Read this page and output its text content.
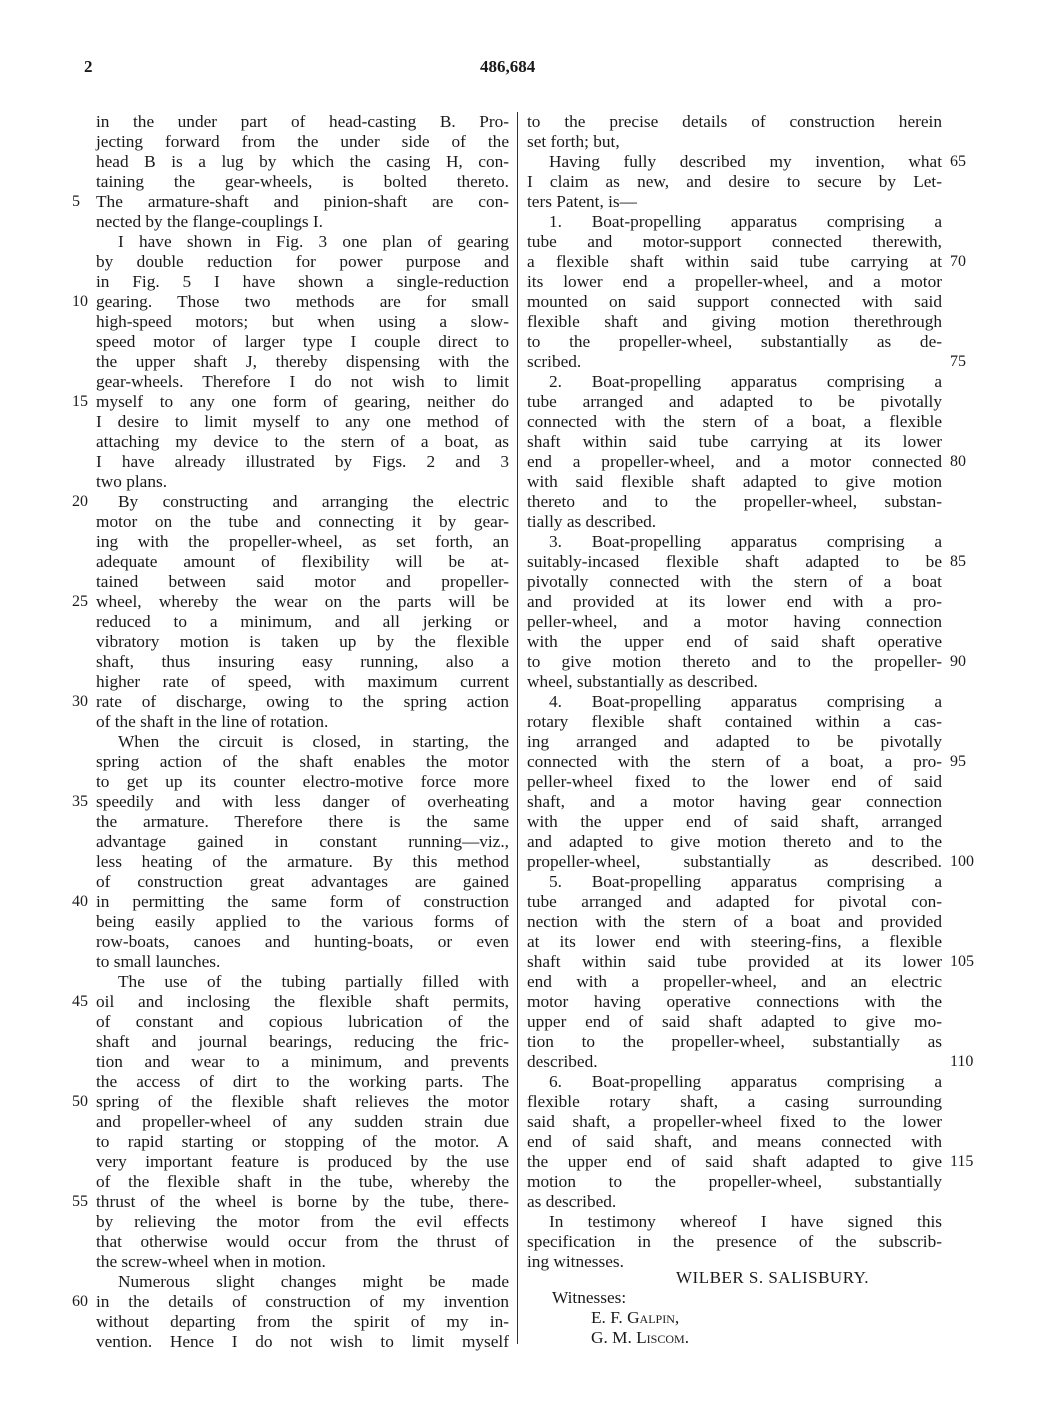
2	486,684
in the under part of head-casting B. Pro-
jecting forward from the under side of the
head B is a lug by which the casing H, con-
taining the gear-wheels, is bolted thereto.
The armature-shaft and pinion-shaft are con-
5
nected by the flange-couplings I.
I have shown in Fig. 3 one plan of gearing
by double reduction for power purpose and
in Fig. 5 I have shown a single-reduction
gearing. Those two methods are for small
10
high-speed motors; but when using a slow-
speed motor of larger type I couple direct to
the upper shaft J, thereby dispensing with the
gear-wheels. Therefore I do not wish to limit
myself to any one form of gearing, neither do
15
I desire to limit myself to any one method of
attaching my device to the stern of a boat, as
I have already illustrated by Figs. 2 and 3
two plans.
By constructing and arranging the electric
20
motor on the tube and connecting it by gear-
ing with the propeller-wheel, as set forth, an
adequate amount of flexibility will be at-
tained between said motor and propeller-
wheel, whereby the wear on the parts will be
25
reduced to a minimum, and all jerking or
vibratory motion is taken up by the flexible
shaft, thus insuring easy running, also a
higher rate of speed, with maximum current
rate of discharge, owing to the spring action
30
of the shaft in the line of rotation.
When the circuit is closed, in starting, the
spring action of the shaft enables the motor
to get up its counter electro-motive force more
speedily and with less danger of overheating
35
the armature. Therefore there is the same
advantage gained in constant running—viz.,
less heating of the armature. By this method
of construction great advantages are gained
in permitting the same form of construction
40
being easily applied to the various forms of
row-boats, canoes and hunting-boats, or even
to small launches.
The use of the tubing partially filled with
oil and inclosing the flexible shaft permits,
45
of constant and copious lubrication of the
shaft and journal bearings, reducing the fric-
tion and wear to a minimum, and prevents
the access of dirt to the working parts. The
spring of the flexible shaft relieves the motor
50
and propeller-wheel of any sudden strain due
to rapid starting or stopping of the motor. A
very important feature is produced by the use
of the flexible shaft in the tube, whereby the
thrust of the wheel is borne by the tube, there-
55
by relieving the motor from the evil effects
that otherwise would occur from the thrust of
the screw-wheel when in motion.
Numerous slight changes might be made
in the details of construction of my invention
60
without departing from the spirit of my in-
vention. Hence I do not wish to limit myself
to the precise details of construction herein
set forth; but,
Having fully described my invention, what 65
I claim as new, and desire to secure by Let-
ters Patent, is—
1. Boat-propelling apparatus comprising a
tube and motor-support connected therewith,
a flexible shaft within said tube carrying at 70
its lower end a propeller-wheel, and a motor
mounted on said support connected with said
flexible shaft and giving motion therethrough
to the propeller-wheel, substantially as de-
scribed.	75
2. Boat-propelling apparatus comprising a
tube arranged and adapted to be pivotally
connected with the stern of a boat, a flexible
shaft within said tube carrying at its lower
end a propeller-wheel, and a motor connected 80
with said flexible shaft adapted to give motion
thereto and to the propeller-wheel, substan-
tially as described.
3. Boat-propelling apparatus comprising a
suitably-incased flexible shaft adapted to be 85
pivotally connected with the stern of a boat
and provided at its lower end with a pro-
peller-wheel, and a motor having connection
with the upper end of said shaft operative
to give motion thereto and to the propeller- 90
wheel, substantially as described.
4. Boat-propelling apparatus comprising a
rotary flexible shaft contained within a cas-
ing arranged and adapted to be pivotally
connected with the stern of a boat, a pro- 95
peller-wheel fixed to the lower end of said
shaft, and a motor having gear connection
with the upper end of said shaft, arranged
and adapted to give motion thereto and to the
propeller-wheel, substantially as described. 100
5. Boat-propelling apparatus comprising a
tube arranged and adapted for pivotal con-
nection with the stern of a boat and provided
at its lower end with steering-fins, a flexible
shaft within said tube provided at its lower 105
end with a propeller-wheel, and an electric
motor having operative connections with the
upper end of said shaft adapted to give mo-
tion to the propeller-wheel, substantially as
described.	110
6. Boat-propelling apparatus comprising a
flexible rotary shaft, a casing surrounding
said shaft, a propeller-wheel fixed to the lower
end of said shaft, and means connected with
the upper end of said shaft adapted to give 115
motion to the propeller-wheel, substantially
as described.
In testimony whereof I have signed this
specification in the presence of the subscrib-
ing witnesses.
WILBER S. SALISBURY.
Witnesses:
E. F. Galpin,
G. M. Liscom.
